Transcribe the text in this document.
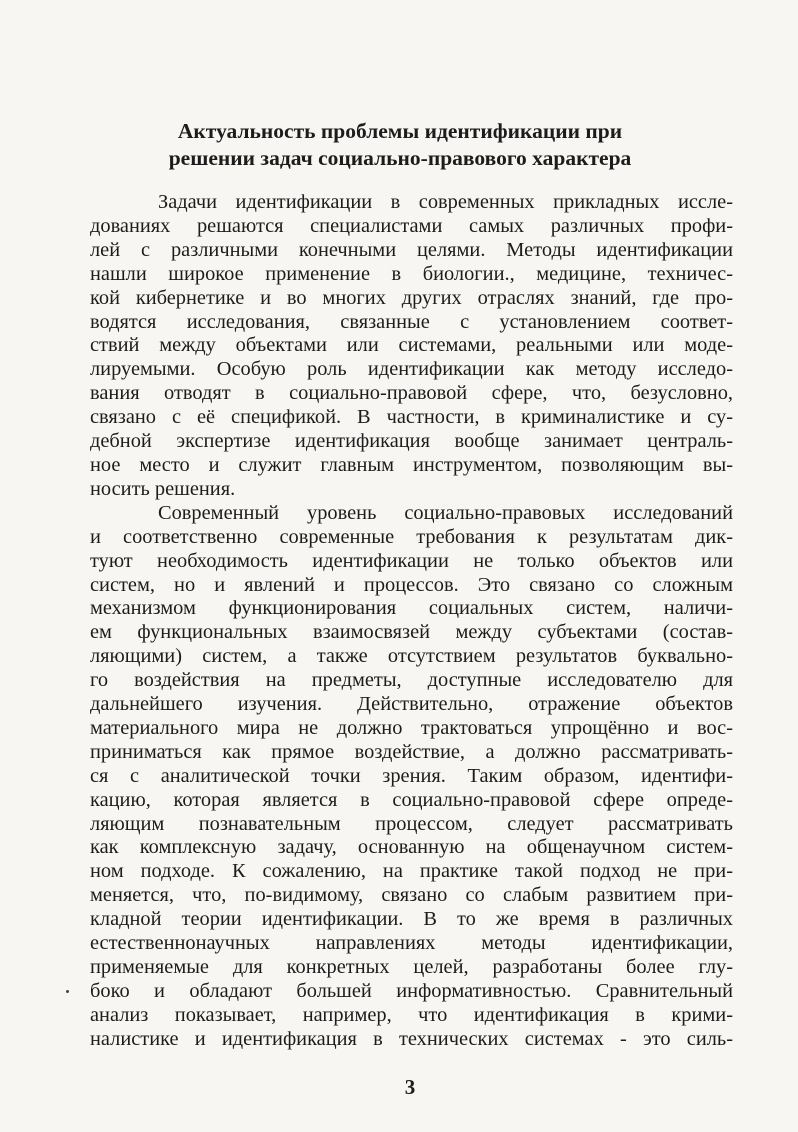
Актуальность проблемы идентификации при
решении задач социально-правового характера

Задачи идентификации в современных прикладных иссле-
дованиях решаются специалистами самых различных профи-
лей с различными конечными целями. Методы идентификации
нашли широкое применение в биологии., медицине, техничес-
кой кибернетике и во многих других отраслях знаний, где про-
водятся исследования, связанные с установлением соответ-
ствий между объектами или системами, реальными или моде-
лируемыми. Особую роль идентификации как методу исследо-
вания отводят в социально-правовой сфере, что, безусловно,
связано с её спецификой. В частности, в криминалистике и су-
дебной экспертизе идентификация вообще занимает централь-
ное место и служит главным инструментом, позволяющим вы-
носить решения.

Современный уровень социально-правовых исследований
и соответственно современные требования к результатам дик-
туют необходимость идентификации не только объектов или
систем, но и явлений и процессов. Это связано со сложным
механизмом функционирования социальных систем, наличи-
ем функциональных взаимосвязей между субъектами (состав-
ляющими) систем, а также отсутствием результатов буквально-
го воздействия на предметы, доступные исследователю для
дальнейшего изучения. Действительно, отражение объектов
материального мира не должно трактоваться упрощённо и вос-
приниматься как прямое воздействие, а должно рассматривать-
ся с аналитической точки зрения. Таким образом, идентифи-
кацию, которая является в социально-правовой сфере опреде-
ляющим познавательным процессом, следует рассматривать
как комплексную задачу, основанную на общенаучном систем-
ном подходе. К сожалению, на практике такой подход не при-
меняется, что, по-видимому, связано со слабым развитием при-
кладной теории идентификации. В то же время в различных
естественнонаучных направлениях методы идентификации,
применяемые для конкретных целей, разработаны более глу-
боко и обладают большей информативностью. Сравнительный
анализ показывает, например, что идентификация в крими-
налистике и идентификация в технических системах - это силь-

3
